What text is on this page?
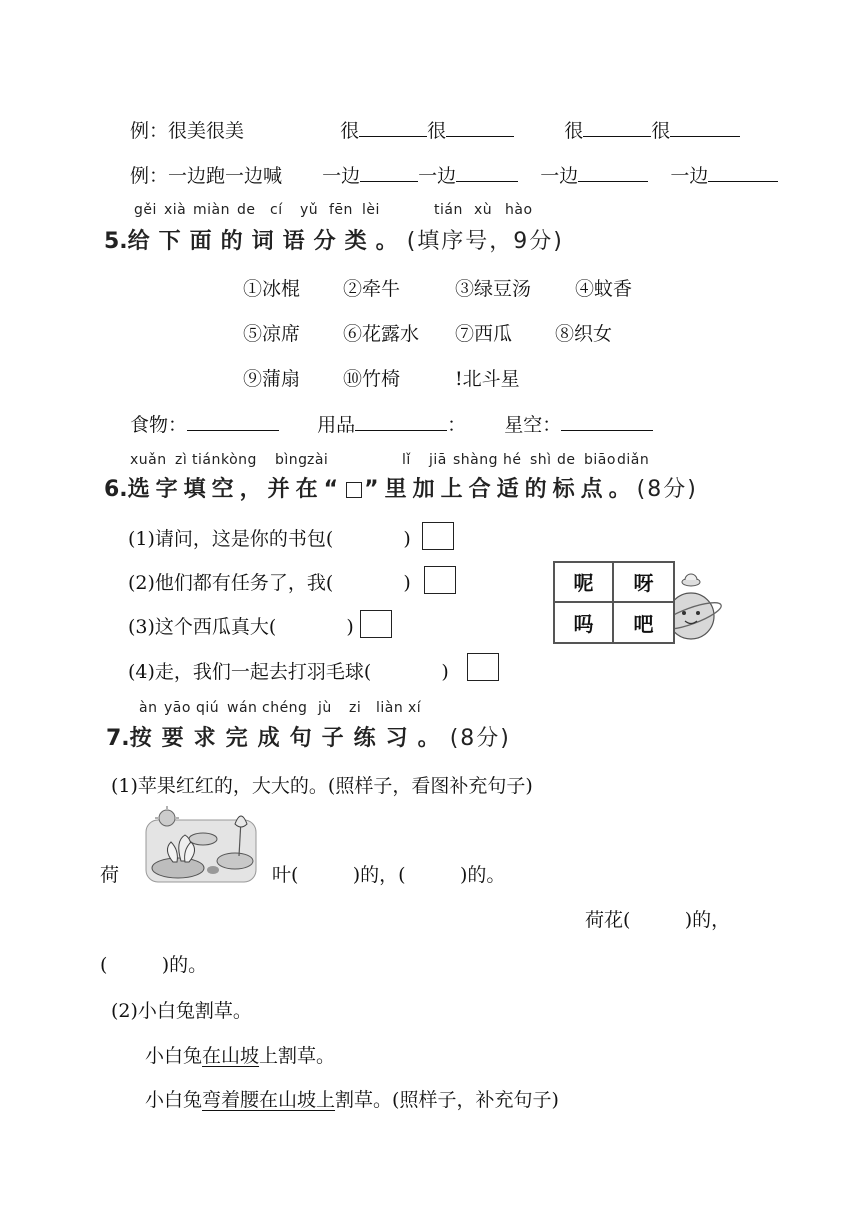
例：很美很美	很	很	很	很
例：一边跑一边喊 一边	一边	一边	一边
gěi xià miàn de cí yǔ fēn lèi	tián xù hào
5.给下面的词语分类。(填序号，9分)
①冰棍 ②牵牛	③绿豆汤 ④蚊香
⑤凉席 ⑥花露水 ⑦西瓜 ⑧织女
⑨蒲扇 ⑩竹椅	!北斗星
食物：	用品	： 星空：
xuǎn zì tián kòng bìng zài	lǐ jiā shàng hé shì de biāo diǎn
6.选字填空，并在“ ”里加上合适的标点。(8分)
(1)请问，这是你的书包(	)
(2)他们都有任务了，我(	)
(3)这个西瓜真大(	)
(4)走，我们一起去打羽毛球(	)
呢	呀
吗	吧
àn yāo qiú wán chéng jù zi liàn xí
7.按要求完成句子练习。(8分)
(1)苹果红红的，大大的。(照样子，看图补充句子)
荷	叶(         )的，(         )的。
荷花(         )的，
(         )的。
(2)小白兔割草。
小白兔在山坡上割草。
小白兔弯着腰在山坡上割草。(照样子，补充句子)
